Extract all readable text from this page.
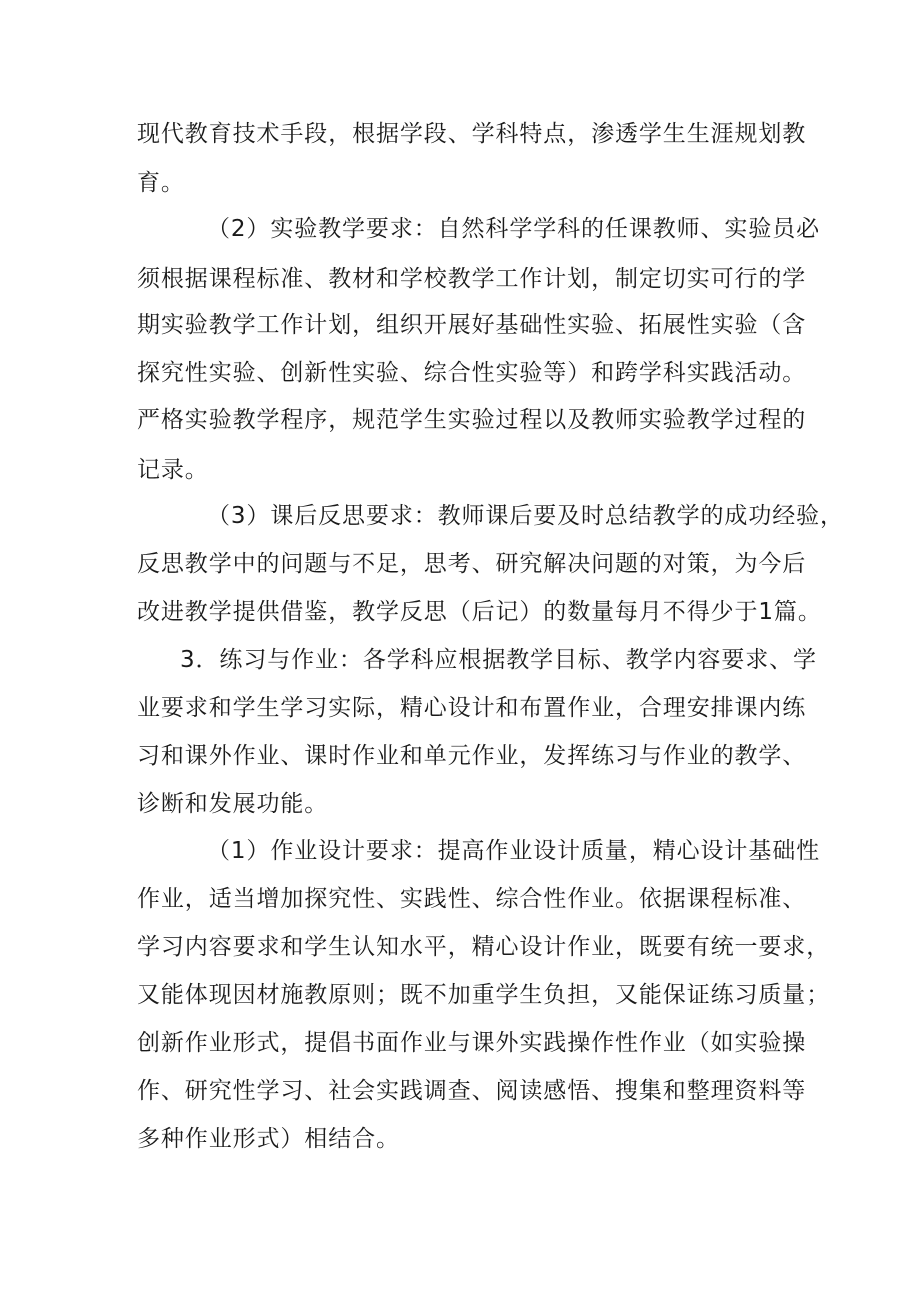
现代教育技术手段，根据学段、学科特点，渗透学生生涯规划教
育。
（2）实验教学要求：自然科学学科的任课教师、实验员必
须根据课程标准、教材和学校教学工作计划，制定切实可行的学
期实验教学工作计划，组织开展好基础性实验、拓展性实验（含
探究性实验、创新性实验、综合性实验等）和跨学科实践活动。
严格实验教学程序，规范学生实验过程以及教师实验教学过程的
记录。
（3）课后反思要求：教师课后要及时总结教学的成功经验，
反思教学中的问题与不足，思考、研究解决问题的对策，为今后
改进教学提供借鉴，教学反思（后记）的数量每月不得少于1篇。
3．练习与作业：各学科应根据教学目标、教学内容要求、学
业要求和学生学习实际，精心设计和布置作业，合理安排课内练
习和课外作业、课时作业和单元作业，发挥练习与作业的教学、
诊断和发展功能。
（1）作业设计要求：提高作业设计质量，精心设计基础性
作业，适当增加探究性、实践性、综合性作业。依据课程标准、
学习内容要求和学生认知水平，精心设计作业，既要有统一要求，
又能体现因材施教原则；既不加重学生负担，又能保证练习质量；
创新作业形式，提倡书面作业与课外实践操作性作业（如实验操
作、研究性学习、社会实践调查、阅读感悟、搜集和整理资料等
多种作业形式）相结合。
